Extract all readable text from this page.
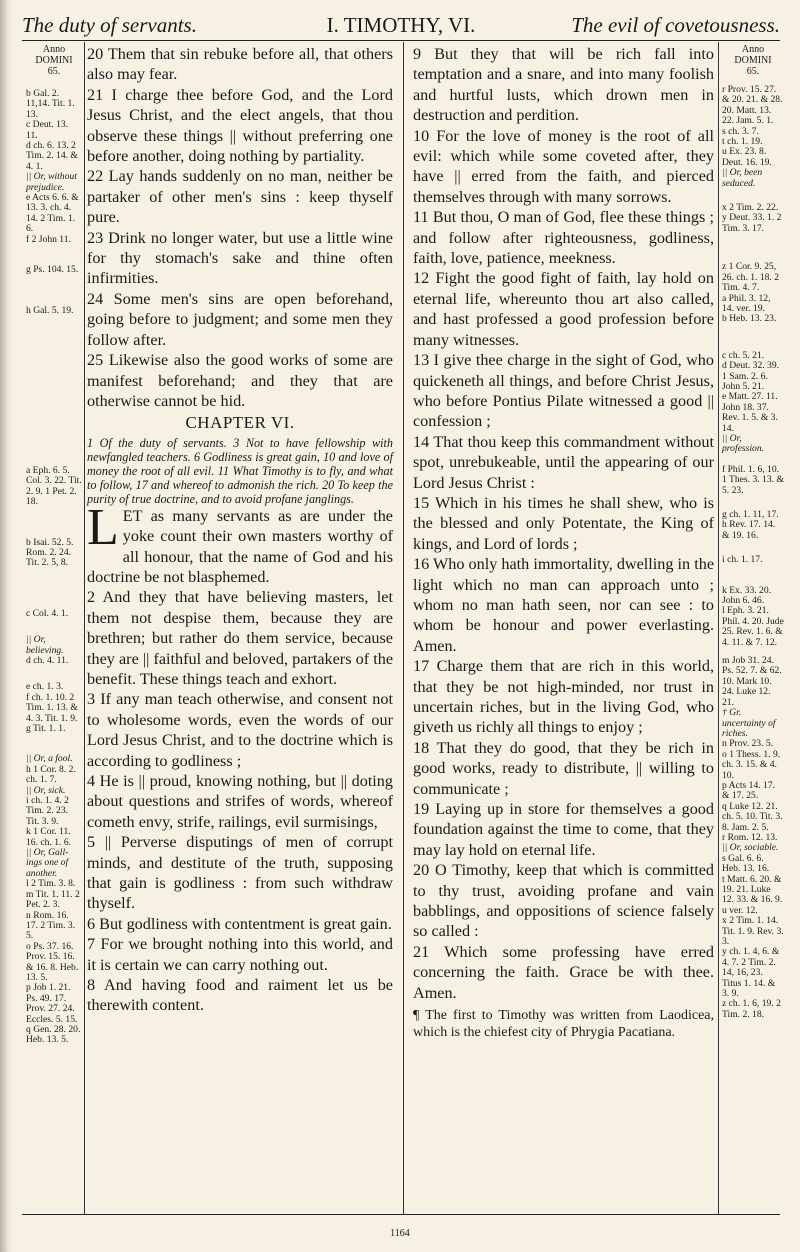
The duty of servants.	I. TIMOTHY, VI.	The evil of covetousness.
Anno
DOMINI
65.
b Gal. 2. 11,14. Tit. 1. 13.
c Deut. 13. 11.
d ch. 6. 13. 2 Tim. 2. 14. & 4. 1.
|| Or, without prejudice.
e Acts 6. 6. & 13. 3. ch. 4. 14. 2 Tim. 1. 6.
f 2 John 11.
g Ps. 104. 15.
h Gal. 5. 19.
a Eph. 6. 5. Col. 3. 22. Tit. 2. 9. 1 Pet. 2. 18.
b Isai. 52. 5. Rom. 2. 24. Tit. 2. 5, 8.
c Col. 4. 1.
|| Or, believing.
d ch. 4. 11.
e ch. 1. 3.
f ch. 1. 10. 2 Tim. 1. 13. & 4. 3. Tit. 1. 9.
g Tit. 1. 1.
|| Or, a fool.
h 1 Cor. 8. 2. ch. 1. 7.
|| Or, sick.
i ch. 1. 4. 2 Tim. 2. 23. Tit. 3. 9.
k 1 Cor. 11. 16. ch. 1. 6.
|| Or, Gall-ings one of another.
l 2 Tim. 3. 8.
m Tit. 1. 11. 2 Pet. 2. 3.
n Rom. 16. 17. 2 Tim. 3. 5.
o Ps. 37. 16. Prov. 15. 16. & 16. 8. Heb. 13. 5.
p Job 1. 21. Ps. 49. 17. Prov. 27. 24. Eccles. 5. 15.
q Gen. 28. 20. Heb. 13. 5.

20 Them that sin rebuke before all, that others also may fear.

21 I charge thee before God, and the Lord Jesus Christ, and the elect angels, that thou observe these things || without preferring one before another, doing nothing by partiality.

22 Lay hands suddenly on no man, neither be partaker of other men's sins : keep thyself pure.

23 Drink no longer water, but use a little wine for thy stomach's sake and thine often infirmities.

24 Some men's sins are open beforehand, going before to judgment; and some men they follow after.

25 Likewise also the good works of some are manifest beforehand; and they that are otherwise cannot be hid.

CHAPTER VI.

1 Of the duty of servants. 3 Not to have fellowship with newfangled teachers. 6 Godliness is great gain, 10 and love of money the root of all evil. 11 What Timothy is to fly, and what to follow, 17 and whereof to admonish the rich. 20 To keep the purity of true doctrine, and to avoid profane janglings.

LET as many servants as are under the yoke count their own masters worthy of all honour, that the name of God and his doctrine be not blasphemed.

2 And they that have believing masters, let them not despise them, because they are brethren; but rather do them service, because they are || faithful and beloved, partakers of the benefit. These things teach and exhort.

3 If any man teach otherwise, and consent not to wholesome words, even the words of our Lord Jesus Christ, and to the doctrine which is according to godliness ;

4 He is || proud, knowing nothing, but || doting about questions and strifes of words, whereof cometh envy, strife, railings, evil surmisings,

5 || Perverse disputings of men of corrupt minds, and destitute of the truth, supposing that gain is godliness : from such withdraw thyself.

6 But godliness with contentment is great gain.

7 For we brought nothing into this world, and it is certain we can carry nothing out.

8 And having food and raiment let us be therewith content.

9 But they that will be rich fall into temptation and a snare, and into many foolish and hurtful lusts, which drown men in destruction and perdition.

10 For the love of money is the root of all evil: which while some coveted after, they have || erred from the faith, and pierced themselves through with many sorrows.

11 But thou, O man of God, flee these things ; and follow after righteousness, godliness, faith, love, patience, meekness.

12 Fight the good fight of faith, lay hold on eternal life, whereunto thou art also called, and hast professed a good profession before many witnesses.

13 I give thee charge in the sight of God, who quickeneth all things, and before Christ Jesus, who before Pontius Pilate witnessed a good || confession ;

14 That thou keep this commandment without spot, unrebukeable, until the appearing of our Lord Jesus Christ :

15 Which in his times he shall shew, who is the blessed and only Potentate, the King of kings, and Lord of lords ;

16 Who only hath immortality, dwelling in the light which no man can approach unto ; whom no man hath seen, nor can see : to whom be honour and power everlasting. Amen.

17 Charge them that are rich in this world, that they be not high-minded, nor trust in uncertain riches, but in the living God, who giveth us richly all things to enjoy ;

18 That they do good, that they be rich in good works, ready to distribute, || willing to communicate ;

19 Laying up in store for themselves a good foundation against the time to come, that they may lay hold on eternal life.

20 O Timothy, keep that which is committed to thy trust, avoiding profane and vain babblings, and oppositions of science falsely so called :

21 Which some professing have erred concerning the faith. Grace be with thee. Amen.

¶ The first to Timothy was written from Laodicea, which is the chiefest city of Phrygia Pacatiana.

Anno
DOMINI
65.
r Prov. 15. 27. & 20. 21. & 28. 20. Matt. 13. 22. Jam. 5. 1.
s ch. 3. 7.
t ch. 1. 19.
u Ex. 23. 8. Deut. 16. 19.
|| Or, been seduced.
x 2 Tim. 2. 22.
y Deut. 33. 1. 2 Tim. 3. 17.
z 1 Cor. 9. 25, 26. ch. 1. 18. 2 Tim. 4. 7.
a Phil. 3. 12, 14. ver. 19.
b Heb. 13. 23.
c ch. 5. 21.
d Deut. 32. 39. 1 Sam. 2. 6. John 5. 21.
e Matt. 27. 11. John 18. 37. Rev. 1. 5. & 3. 14.
|| Or, profession.
f Phil. 1. 6, 10. 1 Thes. 3. 13. & 5. 23.
g ch. 1. 11, 17.
h Rev. 17. 14. & 19. 16.
i ch. 1. 17.
k Ex. 33. 20. John 6. 46.
l Eph. 3. 21. Phil. 4. 20. Jude 25. Rev. 1. 6. & 4. 11. & 7. 12.
m Job 31. 24. Ps. 52. 7. & 62. 10. Mark 10. 24. Luke 12. 21.
† Gr. uncertainty of riches.
n Prov. 23. 5.
o 1 Thess. 1. 9. ch. 3. 15. & 4. 10.
p Acts 14. 17. & 17. 25.
q Luke 12. 21. ch. 5. 10. Tit. 3. 8. Jam. 2. 5.
r Rom. 12. 13.
|| Or, sociable.
s Gal. 6. 6. Heb. 13. 16.
t Matt. 6. 20. & 19. 21. Luke 12. 33. & 16. 9.
u ver. 12.
x 2 Tim. 1. 14. Tit. 1. 9. Rev. 3. 3.
y ch. 1. 4, 6. & 4. 7. 2 Tim. 2. 14, 16, 23. Titus 1. 14. & 3. 9.
z ch. 1. 6, 19. 2 Tim. 2. 18.
1164
